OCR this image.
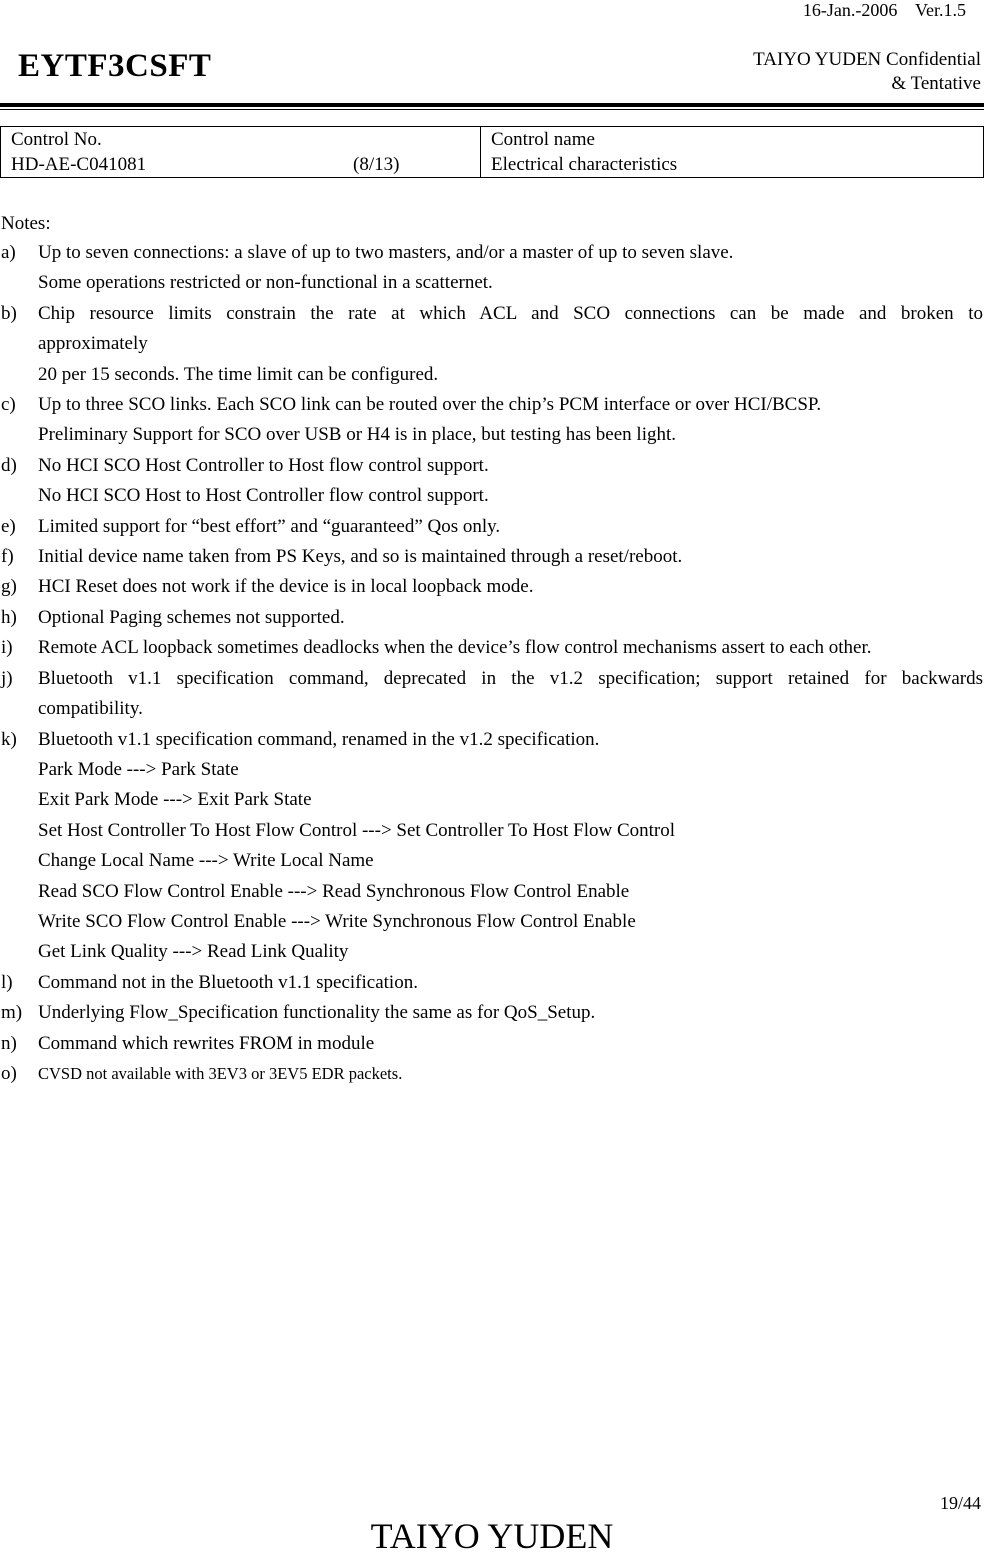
16-Jan.-2006    Ver.1.5
EYTF3CSFT	TAIYO YUDEN Confidential
& Tentative
Control No.
HD-AE-C041081	(8/13)
Control name
Electrical characteristics
Notes:
a)	Up to seven connections: a slave of up to two masters, and/or a master of up to seven slave.
Some operations restricted or non-functional in a scatternet.
b)	Chip resource limits constrain the rate at which ACL and SCO connections can be made and broken to
approximately
20 per 15 seconds. The time limit can be configured.
c)	Up to three SCO links. Each SCO link can be routed over the chip’s PCM interface or over HCI/BCSP.
Preliminary Support for SCO over USB or H4 is in place, but testing has been light.
d)	No HCI SCO Host Controller to Host flow control support.
No HCI SCO Host to Host Controller flow control support.
e)	Limited support for “best effort” and “guaranteed” Qos only.
f)	Initial device name taken from PS Keys, and so is maintained through a reset/reboot.
g)	HCI Reset does not work if the device is in local loopback mode.
h)	Optional Paging schemes not supported.
i)	Remote ACL loopback sometimes deadlocks when the device’s flow control mechanisms assert to each other.
j)	Bluetooth v1.1 specification command, deprecated in the v1.2 specification; support retained for backwards
compatibility.
k)	Bluetooth v1.1 specification command, renamed in the v1.2 specification.
Park Mode ---> Park State
Exit Park Mode ---> Exit Park State
Set Host Controller To Host Flow Control ---> Set Controller To Host Flow Control
Change Local Name ---> Write Local Name
Read SCO Flow Control Enable ---> Read Synchronous Flow Control Enable
Write SCO Flow Control Enable ---> Write Synchronous Flow Control Enable
Get Link Quality ---> Read Link Quality
l)	Command not in the Bluetooth v1.1 specification.
m) Underlying Flow_Specification functionality the same as for QoS_Setup.
n)	Command which rewrites FROM in module
o)	CVSD not available with 3EV3 or 3EV5 EDR packets.
19/44
TAIYO YUDEN
